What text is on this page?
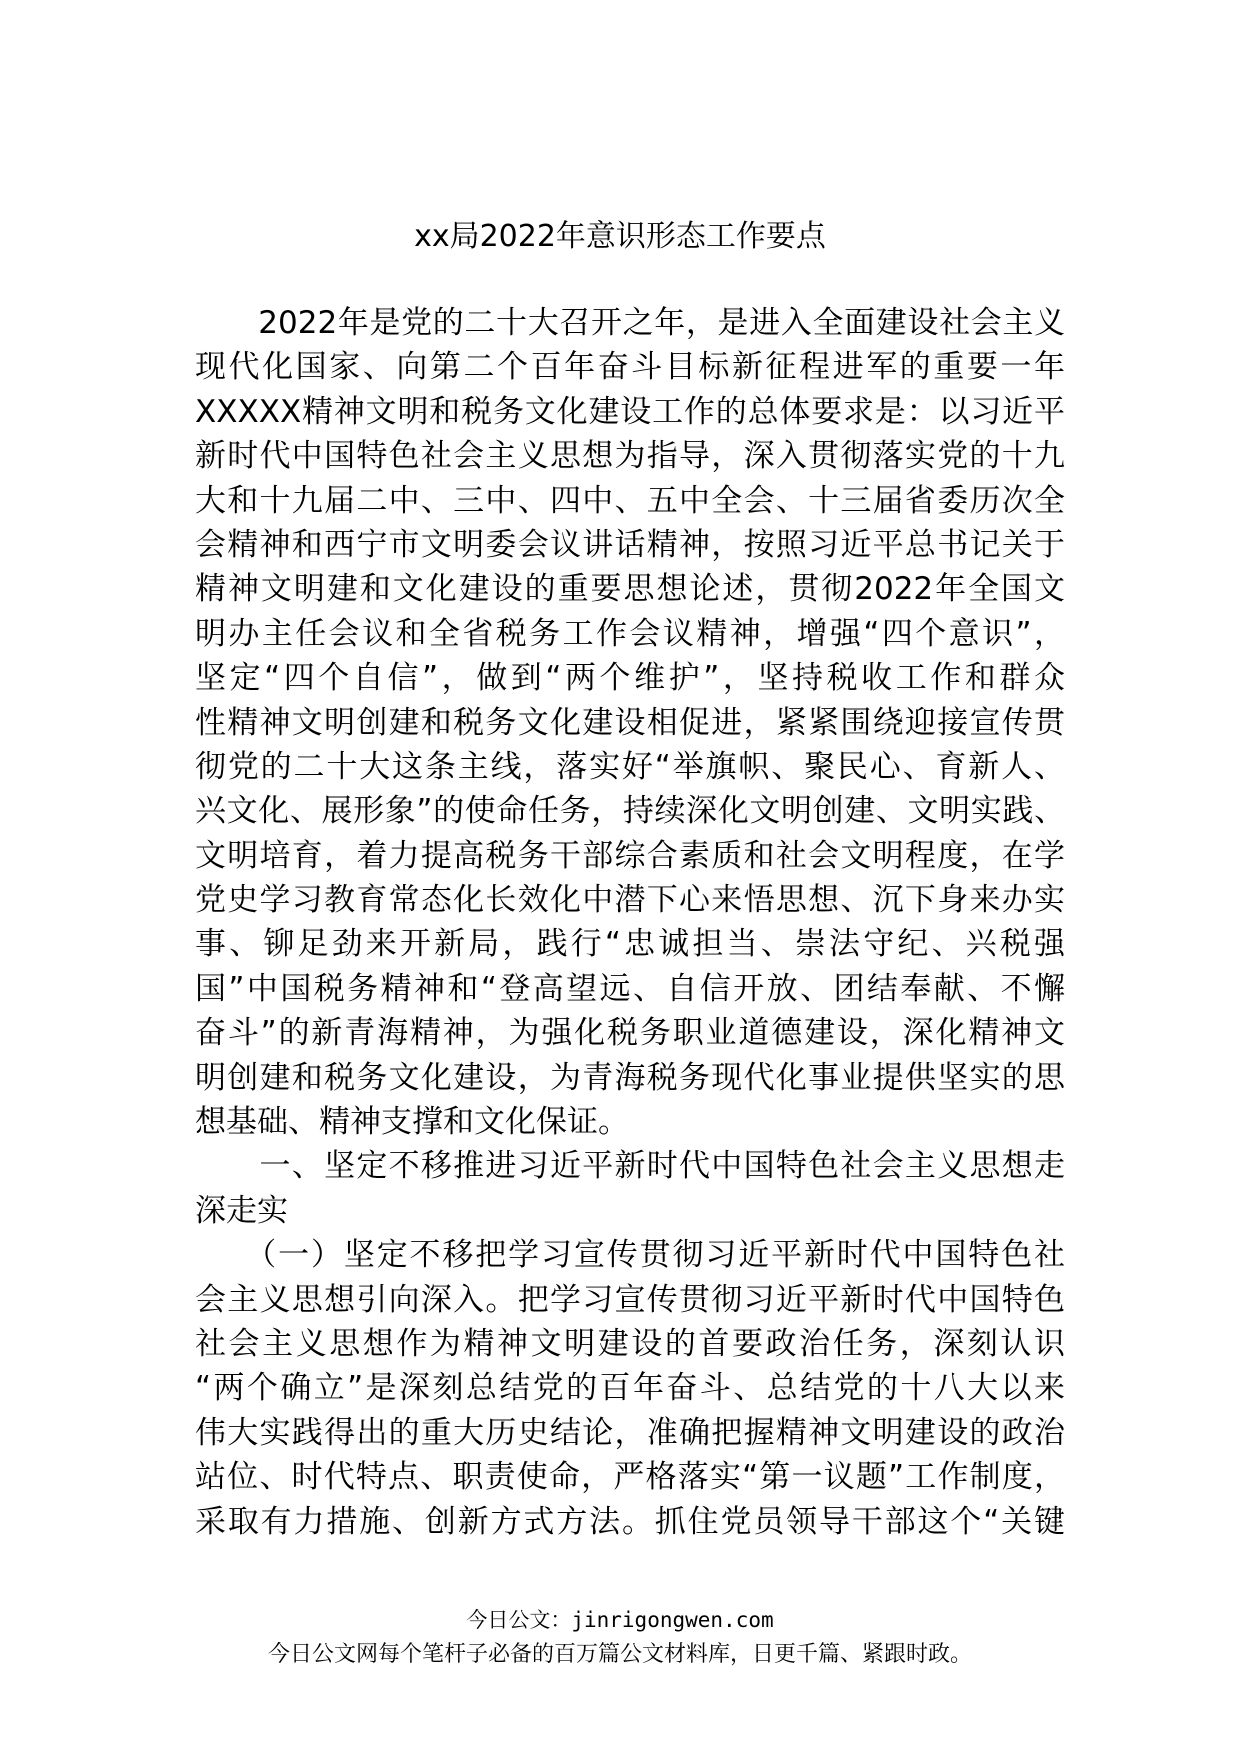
xx局2022年意识形态工作要点
　　2022年是党的二十大召开之年，是进入全面建设社会主义
现代化国家、向第二个百年奋斗目标新征程进军的重要一年
XXXXX精神文明和税务文化建设工作的总体要求是：以习近平
新时代中国特色社会主义思想为指导，深入贯彻落实党的十九
大和十九届二中、三中、四中、五中全会、十三届省委历次全
会精神和西宁市文明委会议讲话精神，按照习近平总书记关于
精神文明建和文化建设的重要思想论述，贯彻2022年全国文
明办主任会议和全省税务工作会议精神，增强“四个意识”，
坚定“四个自信”，做到“两个维护”，坚持税收工作和群众
性精神文明创建和税务文化建设相促进，紧紧围绕迎接宣传贯
彻党的二十大这条主线，落实好“举旗帜、聚民心、育新人、
兴文化、展形象”的使命任务，持续深化文明创建、文明实践、
文明培育，着力提高税务干部综合素质和社会文明程度，在学
党史学习教育常态化长效化中潜下心来悟思想、沉下身来办实
事、铆足劲来开新局，践行“忠诚担当、崇法守纪、兴税强
国”中国税务精神和“登高望远、自信开放、团结奉献、不懈
奋斗”的新青海精神，为强化税务职业道德建设，深化精神文
明创建和税务文化建设，为青海税务现代化事业提供坚实的思
想基础、精神支撑和文化保证。
　　一、坚定不移推进习近平新时代中国特色社会主义思想走
深走实
　　（一）坚定不移把学习宣传贯彻习近平新时代中国特色社
会主义思想引向深入。把学习宣传贯彻习近平新时代中国特色
社会主义思想作为精神文明建设的首要政治任务，深刻认识
“两个确立”是深刻总结党的百年奋斗、总结党的十八大以来
伟大实践得出的重大历史结论，准确把握精神文明建设的政治
站位、时代特点、职责使命，严格落实“第一议题”工作制度，
采取有力措施、创新方式方法。抓住党员领导干部这个“关键
今日公文：jinrigongwen.com
今日公文网每个笔杆子必备的百万篇公文材料库，日更千篇、紧跟时政。
